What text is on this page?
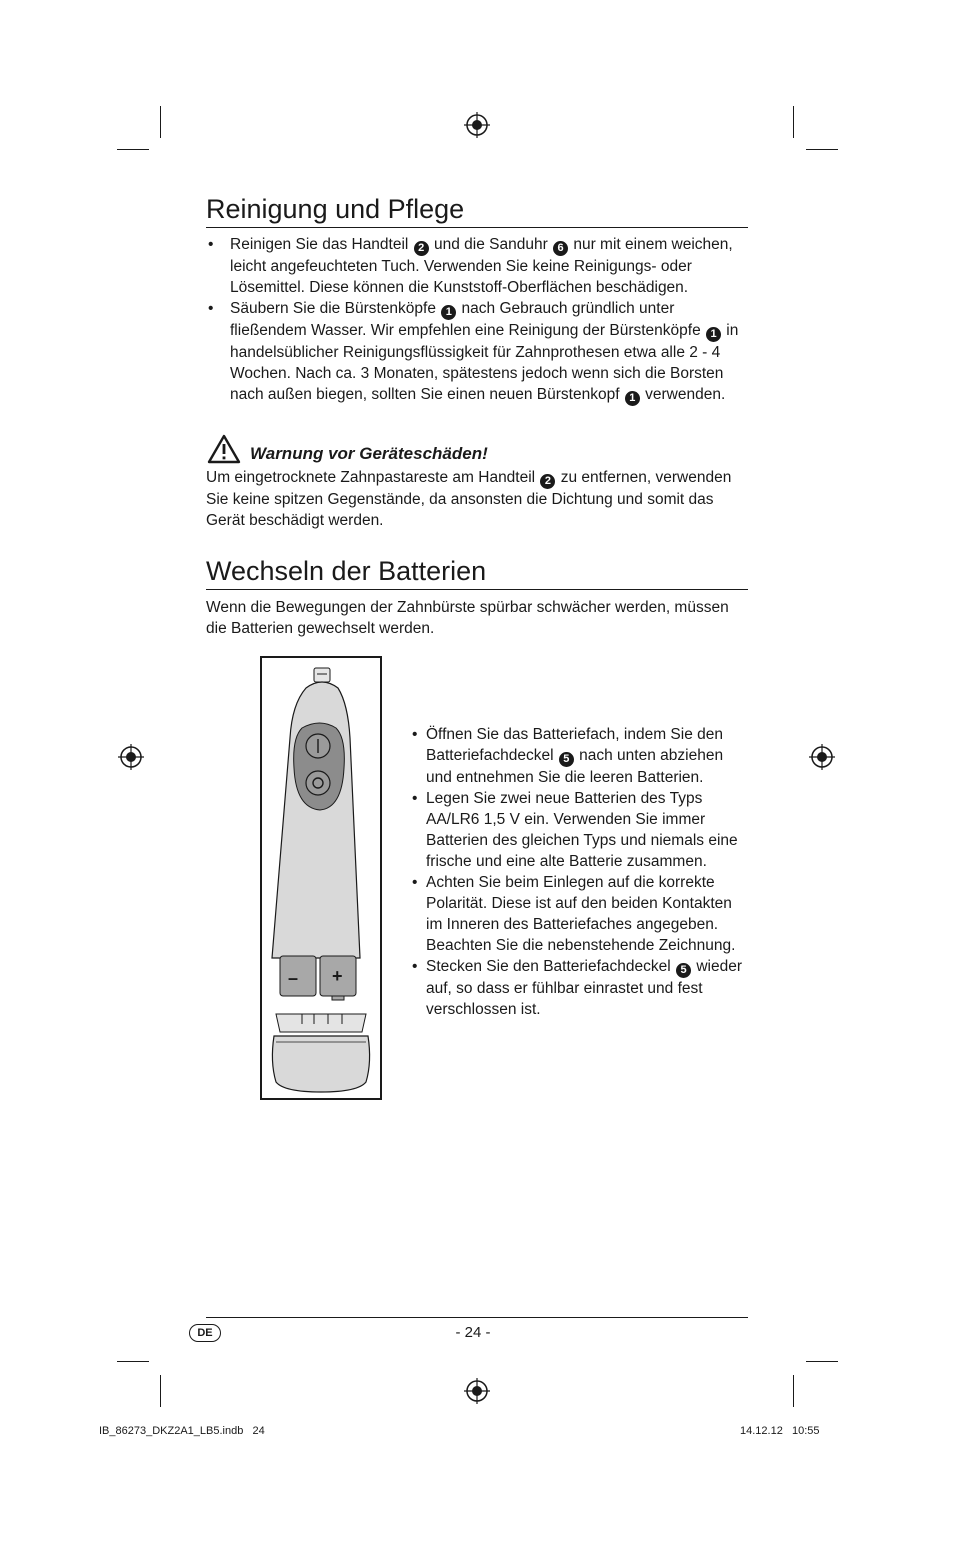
Reinigung und Pflege
• Reinigen Sie das Handteil 2 und die Sanduhr 6 nur mit einem weichen, leicht angefeuchteten Tuch. Verwenden Sie keine Reinigungs- oder Lösemittel. Diese können die Kunststoff-Oberflächen beschädigen.
• Säubern Sie die Bürstenköpfe 1 nach Gebrauch gründlich unter fließendem Wasser. Wir empfehlen eine Reinigung der Bürstenköpfe 1 in handelsüblicher Reinigungsflüssigkeit für Zahnprothesen etwa alle 2 - 4 Wochen. Nach ca. 3 Monaten, spätestens jedoch wenn sich die Borsten nach außen biegen, sollten Sie einen neuen Bürstenkopf 1 verwenden.
Warnung vor Geräteschäden!
Um eingetrocknete Zahnpastareste am Handteil 2 zu entfernen, verwenden Sie keine spitzen Gegenstände, da ansonsten die Dichtung und somit das Gerät beschädigt werden.
Wechseln der Batterien
Wenn die Bewegungen der Zahnbürste spürbar schwächer werden, müssen die Batterien gewechselt werden.
– +
• Öffnen Sie das Batteriefach, indem Sie den Batteriefachdeckel 5 nach unten abziehen und entnehmen Sie die leeren Batterien.
• Legen Sie zwei neue Batterien des Typs AA/LR6 1,5 V ein. Verwenden Sie immer Batterien des gleichen Typs und niemals eine frische und eine alte Batterie zusammen.
• Achten Sie beim Einlegen auf die korrekte Polarität. Diese ist auf den beiden Kontakten im Inneren des Batteriefaches angegeben. Beachten Sie die nebenstehende Zeichnung.
• Stecken Sie den Batteriefachdeckel 5 wieder auf, so dass er fühlbar einrastet und fest verschlossen ist.
DE	- 24 -
IB_86273_DKZ2A1_LB5.indb   24	14.12.12   10:55
